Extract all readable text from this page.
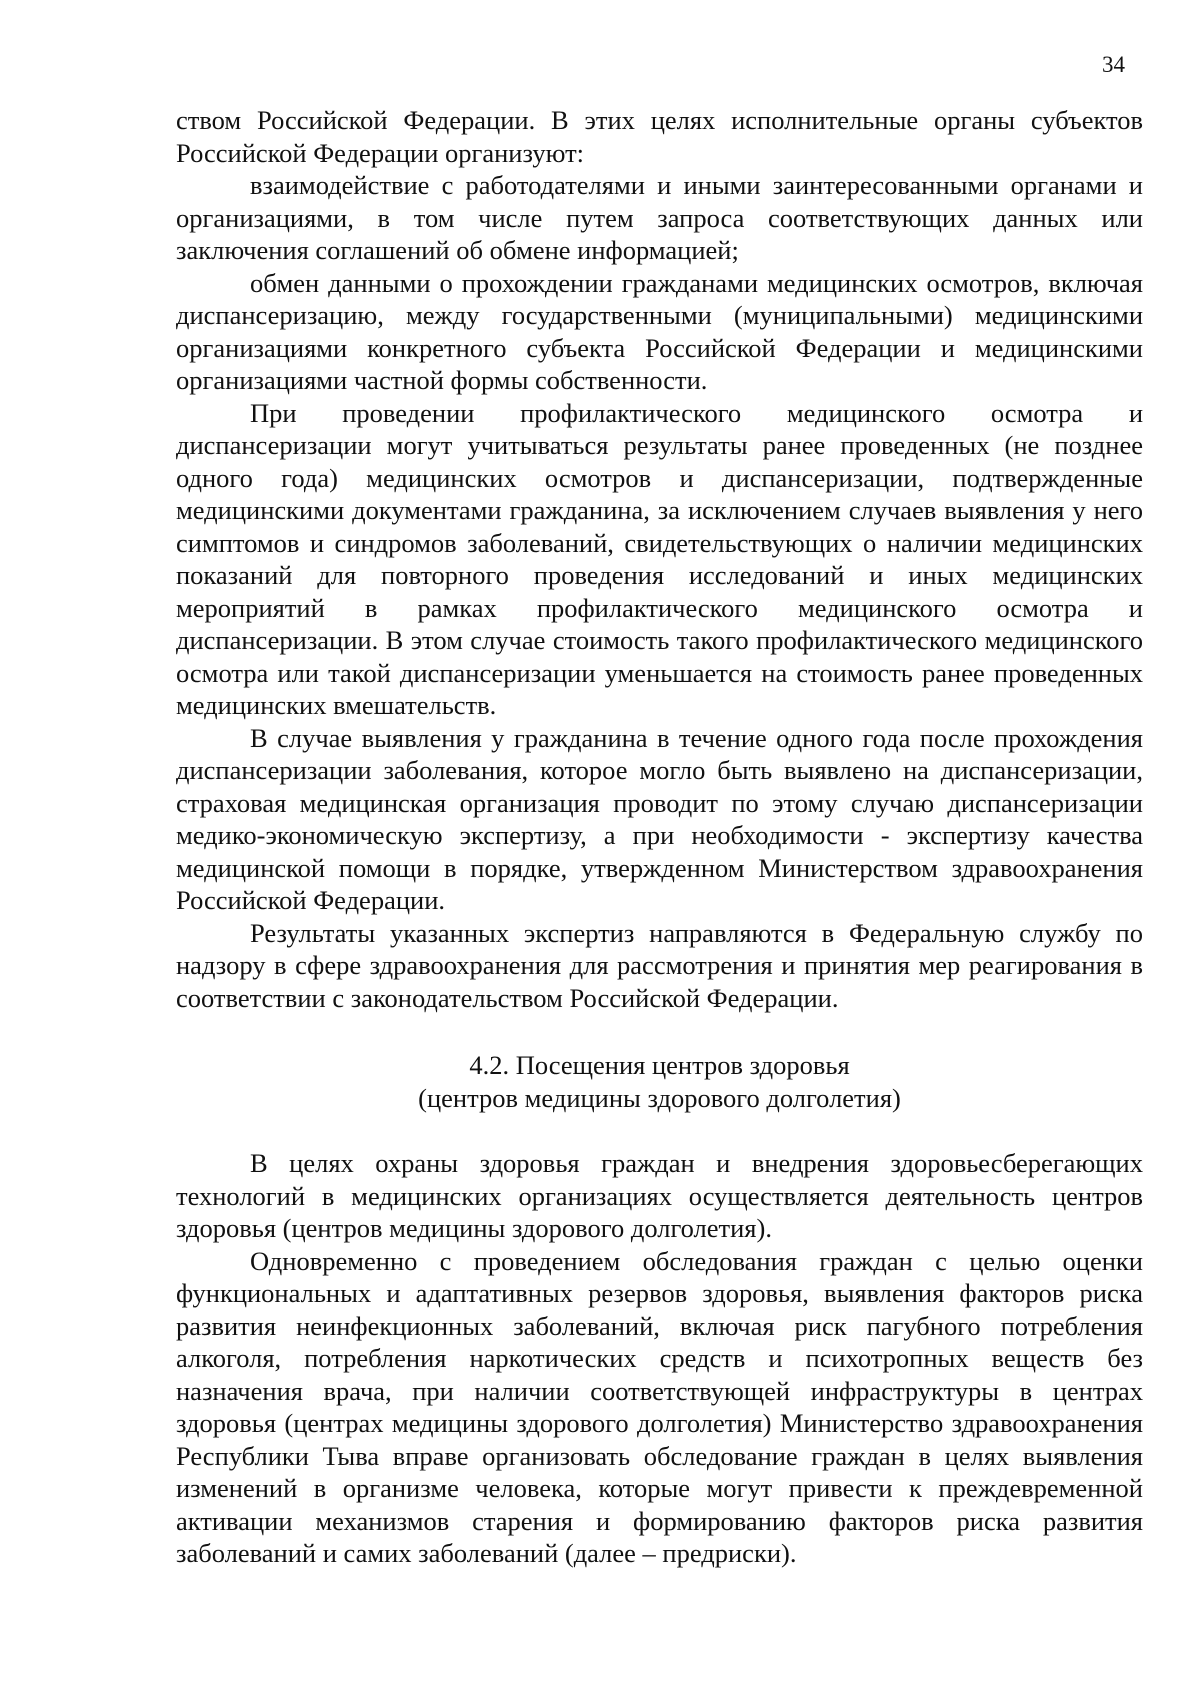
34

ством Российской Федерации. В этих целях исполнительные органы субъектов Российской Федерации организуют:

взаимодействие с работодателями и иными заинтересованными органами и организациями, в том числе путем запроса соответствующих данных или заключения соглашений об обмене информацией;

обмен данными о прохождении гражданами медицинских осмотров, включая диспансеризацию, между государственными (муниципальными) медицинскими организациями конкретного субъекта Российской Федерации и медицинскими организациями частной формы собственности.

При проведении профилактического медицинского осмотра и диспансеризации могут учитываться результаты ранее проведенных (не позднее одного года) медицинских осмотров и диспансеризации, подтвержденные медицинскими документами гражданина, за исключением случаев выявления у него симптомов и синдромов заболеваний, свидетельствующих о наличии медицинских показаний для повторного проведения исследований и иных медицинских мероприятий в рамках профилактического медицинского осмотра и диспансеризации. В этом случае стоимость такого профилактического медицинского осмотра или такой диспансеризации уменьшается на стоимость ранее проведенных медицинских вмешательств.

В случае выявления у гражданина в течение одного года после прохождения диспансеризации заболевания, которое могло быть выявлено на диспансеризации, страховая медицинская организация проводит по этому случаю диспансеризации медико-экономическую экспертизу, а при необходимости - экспертизу качества медицинской помощи в порядке, утвержденном Министерством здравоохранения Российской Федерации.

Результаты указанных экспертиз направляются в Федеральную службу по надзору в сфере здравоохранения для рассмотрения и принятия мер реагирования в соответствии с законодательством Российской Федерации.

4.2. Посещения центров здоровья
(центров медицины здорового долголетия)

В целях охраны здоровья граждан и внедрения здоровьесберегающих технологий в медицинских организациях осуществляется деятельность центров здоровья (центров медицины здорового долголетия).

Одновременно с проведением обследования граждан с целью оценки функциональных и адаптативных резервов здоровья, выявления факторов риска развития неинфекционных заболеваний, включая риск пагубного потребления алкоголя, потребления наркотических средств и психотропных веществ без назначения врача, при наличии соответствующей инфраструктуры в центрах здоровья (центрах медицины здорового долголетия) Министерство здравоохранения Республики Тыва вправе организовать обследование граждан в целях выявления изменений в организме человека, которые могут привести к преждевременной активации механизмов старения и формированию факторов риска развития заболеваний и самих заболеваний (далее – предриски).
